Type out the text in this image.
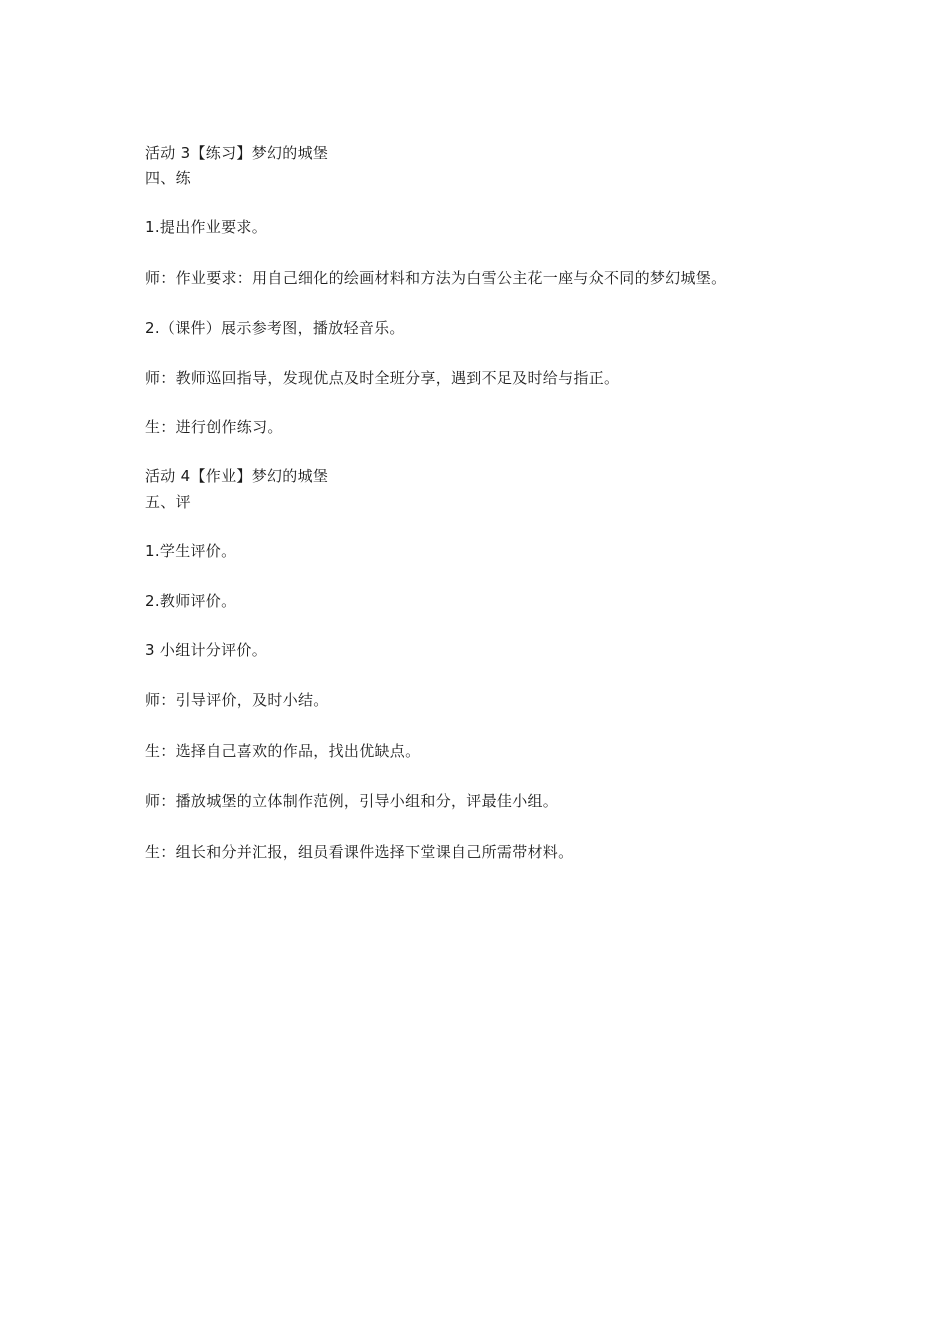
活动 3【练习】梦幻的城堡
四、练
1.提出作业要求。
师：作业要求：用自己细化的绘画材料和方法为白雪公主花一座与众不同的梦幻城堡。
2.（课件）展示参考图，播放轻音乐。
师：教师巡回指导，发现优点及时全班分享，遇到不足及时给与指正。
生：进行创作练习。
活动 4【作业】梦幻的城堡
五、评
1.学生评价。
2.教师评价。
3 小组计分评价。
师：引导评价，及时小结。
生：选择自己喜欢的作品，找出优缺点。
师：播放城堡的立体制作范例，引导小组和分，评最佳小组。
生：组长和分并汇报，组员看课件选择下堂课自己所需带材料。
